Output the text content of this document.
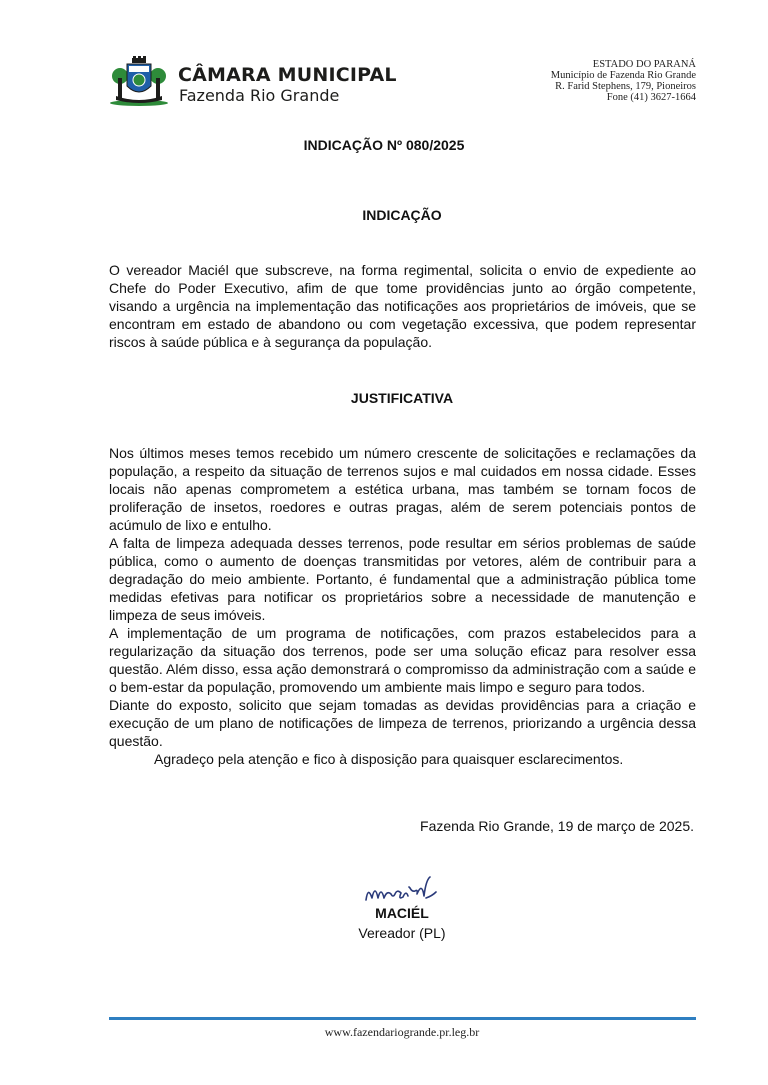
CÂMARA MUNICIPAL
Fazenda Rio Grande
ESTADO DO PARANÁ
Município de Fazenda Rio Grande
R. Farid Stephens, 179, Pioneiros
Fone (41) 3627-1664
INDICAÇÃO Nº 080/2025
INDICAÇÃO

O vereador Maciél que subscreve, na forma regimental, solicita o envio de expediente ao Chefe do Poder Executivo, afim de que tome providências junto ao órgão competente, visando a urgência na implementação das notificações aos proprietários de imóveis, que se encontram em estado de abandono ou com vegetação excessiva, que podem representar riscos à saúde pública e à segurança da população.

JUSTIFICATIVA

Nos últimos meses temos recebido um número crescente de solicitações e reclamações da população, a respeito da situação de terrenos sujos e mal cuidados em nossa cidade. Esses locais não apenas comprometem a estética urbana, mas também se tornam focos de proliferação de insetos, roedores e outras pragas, além de serem potenciais pontos de acúmulo de lixo e entulho.

A falta de limpeza adequada desses terrenos, pode resultar em sérios problemas de saúde pública, como o aumento de doenças transmitidas por vetores, além de contribuir para a degradação do meio ambiente. Portanto, é fundamental que a administração pública tome medidas efetivas para notificar os proprietários sobre a necessidade de manutenção e limpeza de seus imóveis.

A implementação de um programa de notificações, com prazos estabelecidos para a regularização da situação dos terrenos, pode ser uma solução eficaz para resolver essa questão. Além disso, essa ação demonstrará o compromisso da administração com a saúde e o bem-estar da população, promovendo um ambiente mais limpo e seguro para todos.

Diante do exposto, solicito que sejam tomadas as devidas providências para a criação e execução de um plano de notificações de limpeza de terrenos, priorizando a urgência dessa questão.

Agradeço pela atenção e fico à disposição para quaisquer esclarecimentos.

Fazenda Rio Grande, 19 de março de 2025.
MACIÉL
Vereador (PL)
www.fazendariogrande.pr.leg.br
